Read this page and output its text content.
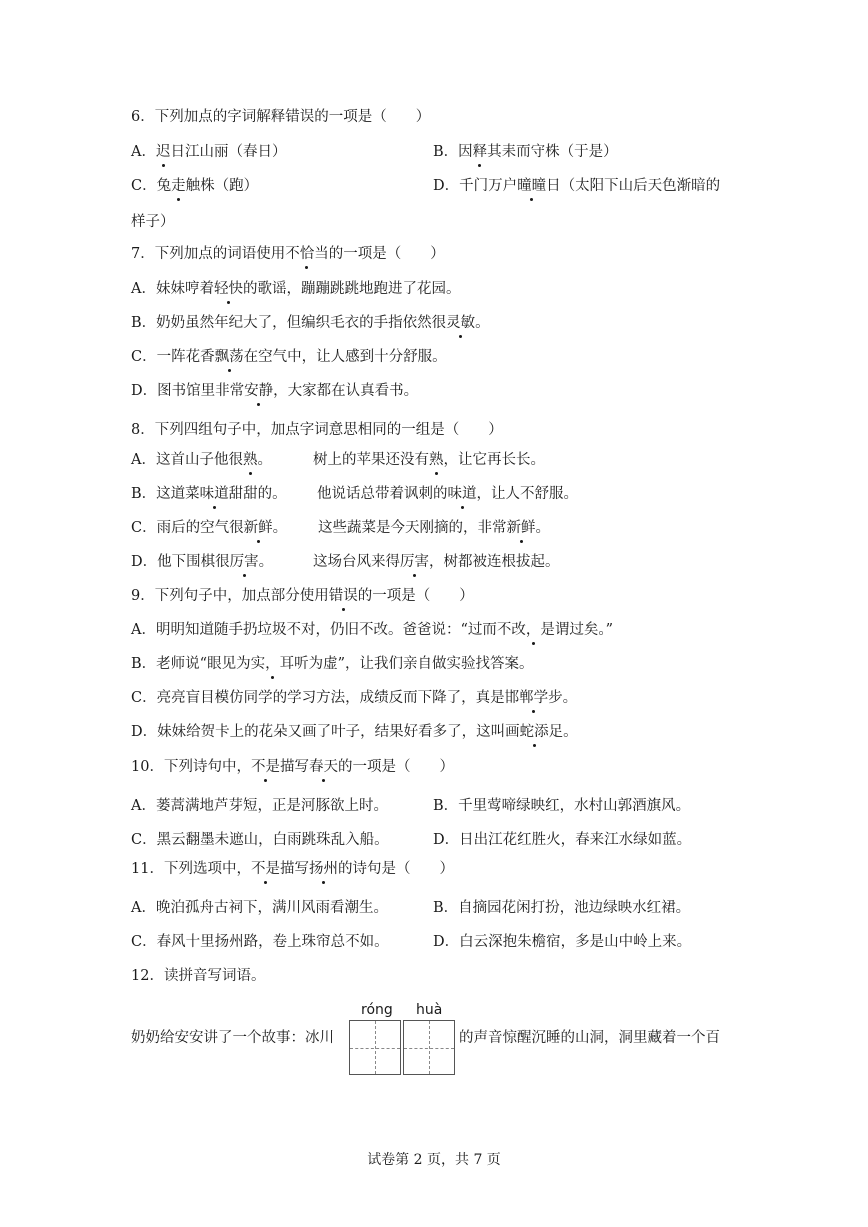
6．下列加点的字词解释错误的一项是（　　）
A．迟日江山丽（春日）	B．因释其耒而守株（于是）
C．兔走触株（跑）	D．千门万户曈曈日（太阳下山后天色渐暗的
样子）
7．下列加点的词语使用不恰当的一项是（　　）
A．妹妹哼着轻快的歌谣，蹦蹦跳跳地跑进了花园。
B．奶奶虽然年纪大了，但编织毛衣的手指依然很灵敏。
C．一阵花香飘荡在空气中，让人感到十分舒服。
D．图书馆里非常安静，大家都在认真看书。
8．下列四组句子中，加点字词意思相同的一组是（　　）
A．这首山子他很熟。	树上的苹果还没有熟，让它再长长。
B．这道菜味道甜甜的。 他说话总带着讽刺的味道，让人不舒服。
C．雨后的空气很新鲜。 这些蔬菜是今天刚摘的，非常新鲜。
D．他下围棋很厉害。	这场台风来得厉害，树都被连根拔起。
9．下列句子中，加点部分使用错误的一项是（　　）
A．明明知道随手扔垃圾不对，仍旧不改。爸爸说：“过而不改，是谓过矣。”
B．老师说“眼见为实，耳听为虚”，让我们亲自做实验找答案。
C．亮亮盲目模仿同学的学习方法，成绩反而下降了，真是邯郸学步。
D．妹妹给贺卡上的花朵又画了叶子，结果好看多了，这叫画蛇添足。
10．下列诗句中，不是描写春天的一项是（　　）
A．蒌蒿满地芦芽短，正是河豚欲上时。	B．千里莺啼绿映红，水村山郭酒旗风。
C．黑云翻墨未遮山，白雨跳珠乱入船。	D．日出江花红胜火，春来江水绿如蓝。
11．下列选项中，不是描写扬州的诗句是（　　）
A．晚泊孤舟古祠下，满川风雨看潮生。	B．自摘园花闲打扮，池边绿映水红裙。
C．春风十里扬州路，卷上珠帘总不如。	D．白云深抱朱檐宿，多是山中岭上来。
12．读拼音写词语。
róng huà
奶奶给安安讲了一个故事：冰川	的声音惊醒沉睡的山洞，洞里藏着一个百
试卷第 2 页，共 7 页
